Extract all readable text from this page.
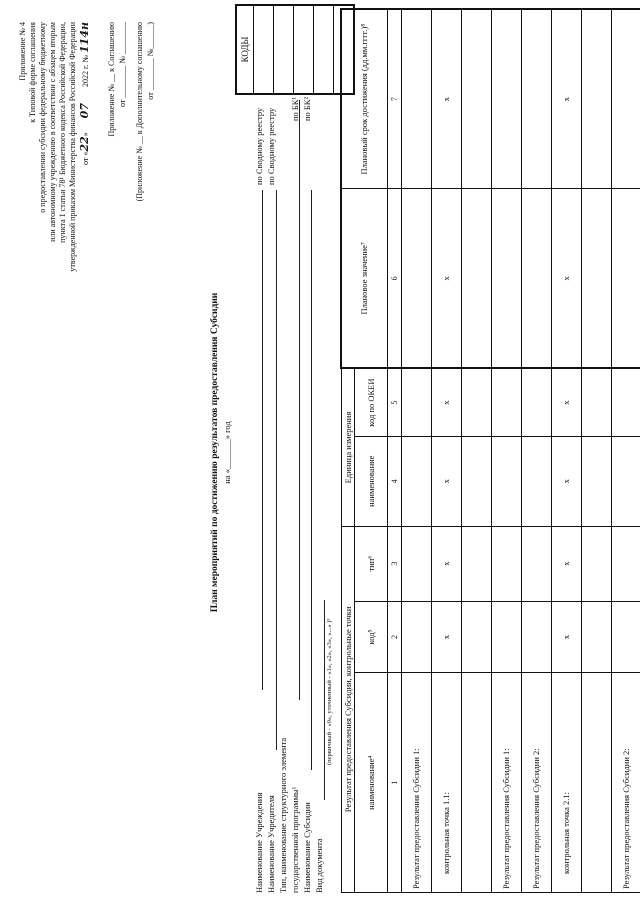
Приложение № 4 к Типовой форме соглашения о предоставлении субсидии федеральному бюджетному или автономному учреждению в соответствии с абзацем вторым пункта 1 статьи 78¹ Бюджетного кодекса Российской Федерации, утвержденной приказом Министерства финансов Российской Федерации от «22»  07  2022 г. № 114н Приложение № __ к Соглашению от ________ № ________ (Приложение № __ к Дополнительному соглашению от ________ №______)
План мероприятий по достижению результатов предоставления Субсидии на «_______» год
КОДЫ
Наименование Учреждения Наименование Учредителя Тип, наименование структурного элемента государственной программы¹ Наименование Субсидии Вид документа
(первичный - «0», уточненный - «1», «2», «3», «...» )³
по Сводному реестру по Сводному реестру по БК¹ по БК²
Результат предоставления Субсидии, контрольные точки			Единица измерения		Плановое значение⁷	Плановый срок достижения (дд.мм.гггг.)⁸
наименование⁴	код⁵	тип⁶	наименование	код по ОКЕИ		
1	2	3	4	5	6	7
Результат предоставления Субсидии 1:						
контрольная точка 1.1:	x	x	x	x	x	x

Результат предоставления Субсидии 1:						
Результат предоставления Субсидии 2:						
контрольная точка 2.1:	x	x	x	x	x	x

Результат предоставления Субсидии 2:						
